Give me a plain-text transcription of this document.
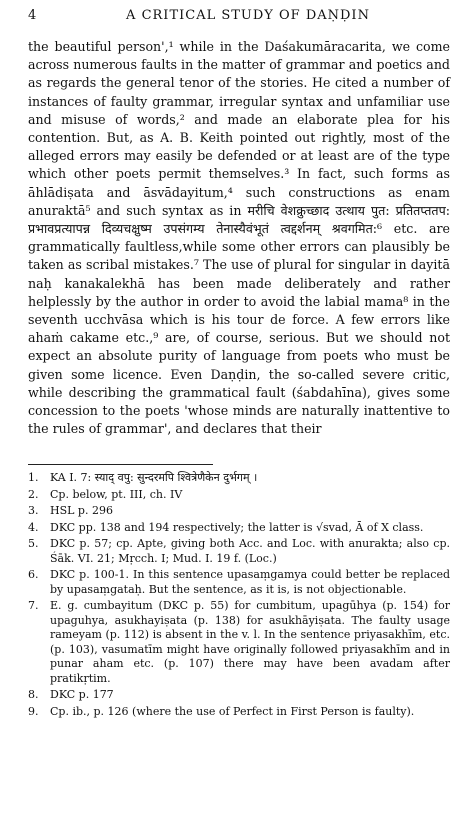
4	A CRITICAL STUDY OF DAṆḌIN

the beautiful person',¹ while in the Daśakumāracarita, we come across numerous faults in the matter of grammar and poetics and as regards the general tenor of the stories. He cited a number of instances of faulty grammar, irregular syntax and unfamiliar use and misuse of words,² and made an elaborate plea for his contention. But, as A. B. Keith pointed out rightly, most of the alleged errors may easily be defended or at least are of the type which other poets permit themselves.³ In fact, such forms as āhlādiṣata and āsvādayitum,⁴ such constructions as enam anuraktā⁵ and such syntax as in मरीचि वेशक्रुच्छाद उत्थाय पुत: प्रतितप्ततप: प्रभावप्रत्यापन्न दिव्यचक्षुष्म उपसंगम्य तेनास्यैवंभूतं त्वद्दर्शनम् श्रवगमित:⁶ etc. are grammatically faultless,while some other errors can plausibly be taken as scribal mistakes.⁷ The use of plural for singular in dayitā naḥ kanakalekhā has been made deliberately and rather helplessly by the author in order to avoid the labial mama⁸ in the seventh ucchvāsa which is his tour de force. A few errors like ahaṁ cakame etc.,⁹ are, of course, serious. But we should not expect an absolute purity of language from poets who must be given some licence. Even Daṇḍin, the so-called severe critic, while describing the grammatical fault (śabdahīna), gives some concession to the poets 'whose minds are naturally inattentive to the rules of grammar', and declares that their

1.	KA I. 7: स्याद् वपु: सुन्दरमपि श्वित्रेणैकेन दुर्भगम् ।
2.	Cp. below, pt. III, ch. IV
3.	HSL p. 296
4.	DKC pp. 138 and 194 respectively; the latter is √svad, Ā of X class.
5.	DKC p. 57; cp. Apte, giving both Acc. and Loc. with anurakta; also cp. Śāk. VI. 21; Mṛcch. I; Mud. I. 19 f. (Loc.)
6.	DKC p. 100-1. In this sentence upasaṃgamya could better be replaced by upasaṃgataḥ. But the sentence, as it is, is not objectionable.
7.	E. g. cumbayitum (DKC p. 55) for cumbitum, upagūhya (p. 154) for upaguhya, asukhayiṣata (p. 138) for asukhāyiṣata. The faulty usage rameyam (p. 112) is absent in the v. l. In the sentence priyasakhīm, etc. (p. 103), vasumatīm might have originally followed priyasakhīm and in punar aham etc. (p. 107) there may have been avadam after pratikṛtim.
8.	DKC p. 177
9.	Cp. ib., p. 126 (where the use of Perfect in First Person is faulty).
